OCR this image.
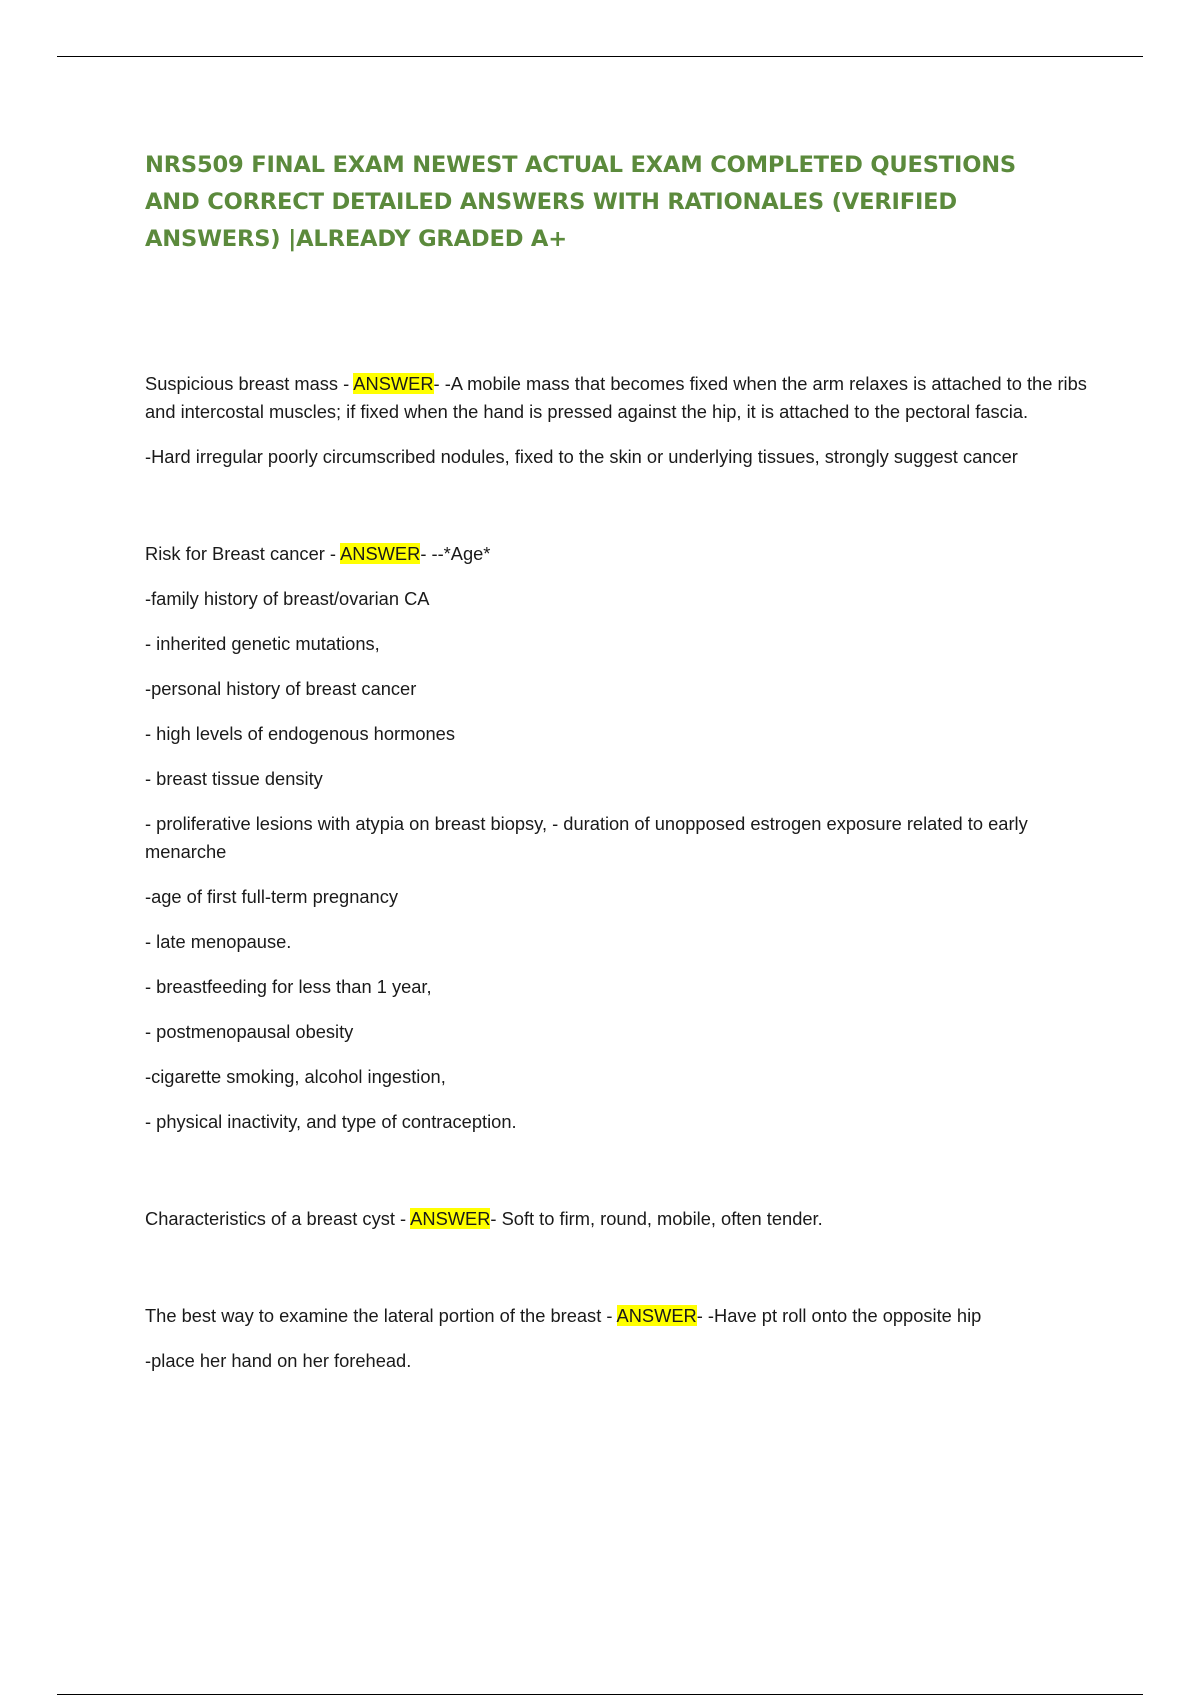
NRS509 FINAL EXAM NEWEST ACTUAL EXAM COMPLETED QUESTIONS AND CORRECT DETAILED ANSWERS WITH RATIONALES (VERIFIED ANSWERS) |ALREADY GRADED A+

Suspicious breast mass - ANSWER- -A mobile mass that becomes fixed when the arm relaxes is attached to the ribs and intercostal muscles; if fixed when the hand is pressed against the hip, it is attached to the pectoral fascia.

-Hard irregular poorly circumscribed nodules, fixed to the skin or underlying tissues, strongly suggest cancer

Risk for Breast cancer - ANSWER- --*Age*

-family history of breast/ovarian CA

- inherited genetic mutations,

-personal history of breast cancer

- high levels of endogenous hormones

- breast tissue density

- proliferative lesions with atypia on breast biopsy, - duration of unopposed estrogen exposure related to early menarche

-age of first full-term pregnancy

- late menopause.

- breastfeeding for less than 1 year,

- postmenopausal obesity

-cigarette smoking, alcohol ingestion,

- physical inactivity, and type of contraception.

Characteristics of a breast cyst - ANSWER- Soft to firm, round, mobile, often tender.

The best way to examine the lateral portion of the breast - ANSWER- -Have pt roll onto the opposite hip

-place her hand on her forehead.
